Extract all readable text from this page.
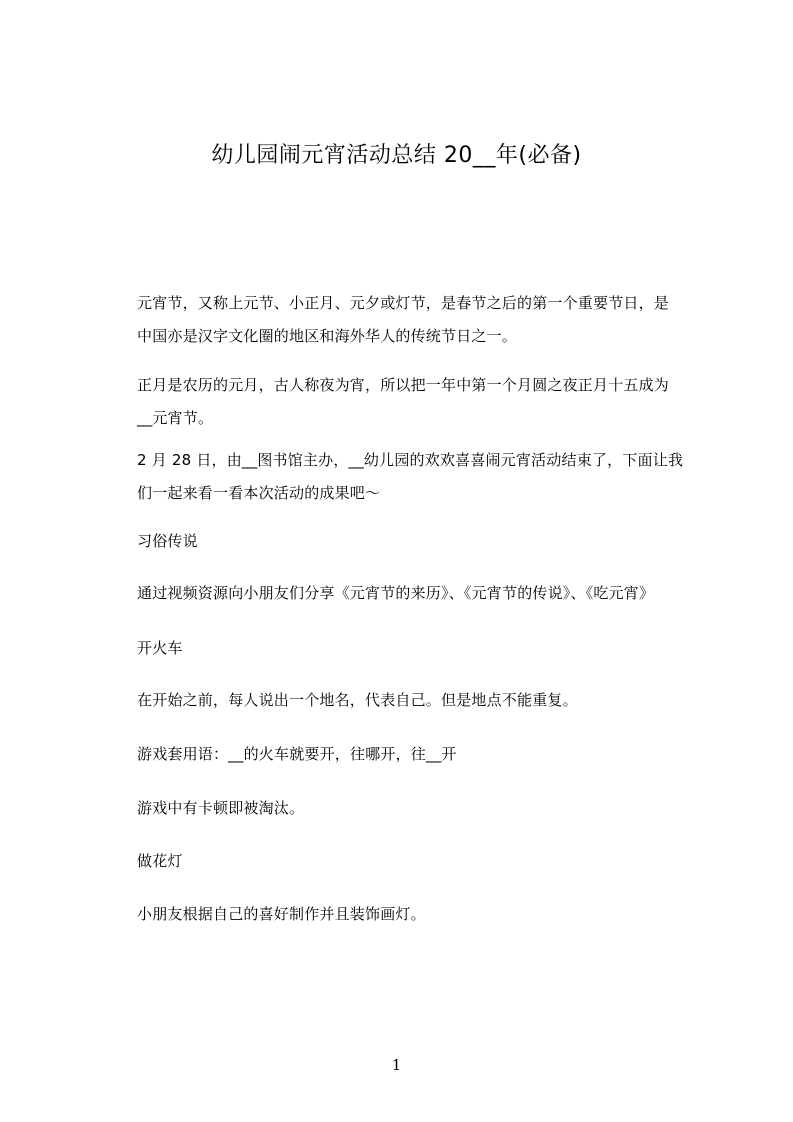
幼儿园闹元宵活动总结 20__年(必备)
元宵节，又称上元节、小正月、元夕或灯节，是春节之后的第一个重要节日，是
中国亦是汉字文化圈的地区和海外华人的传统节日之一。
正月是农历的元月，古人称夜为宵，所以把一年中第一个月圆之夜正月十五成为
__元宵节。
2 月 28 日，由__图书馆主办，__幼儿园的欢欢喜喜闹元宵活动结束了，下面让我
们一起来看一看本次活动的成果吧～
习俗传说
通过视频资源向小朋友们分享《元宵节的来历》、《元宵节的传说》、《吃元宵》
开火车
在开始之前，每人说出一个地名，代表自己。但是地点不能重复。
游戏套用语：__的火车就要开，往哪开，往__开
游戏中有卡顿即被淘汰。
做花灯
小朋友根据自己的喜好制作并且装饰画灯。
1
